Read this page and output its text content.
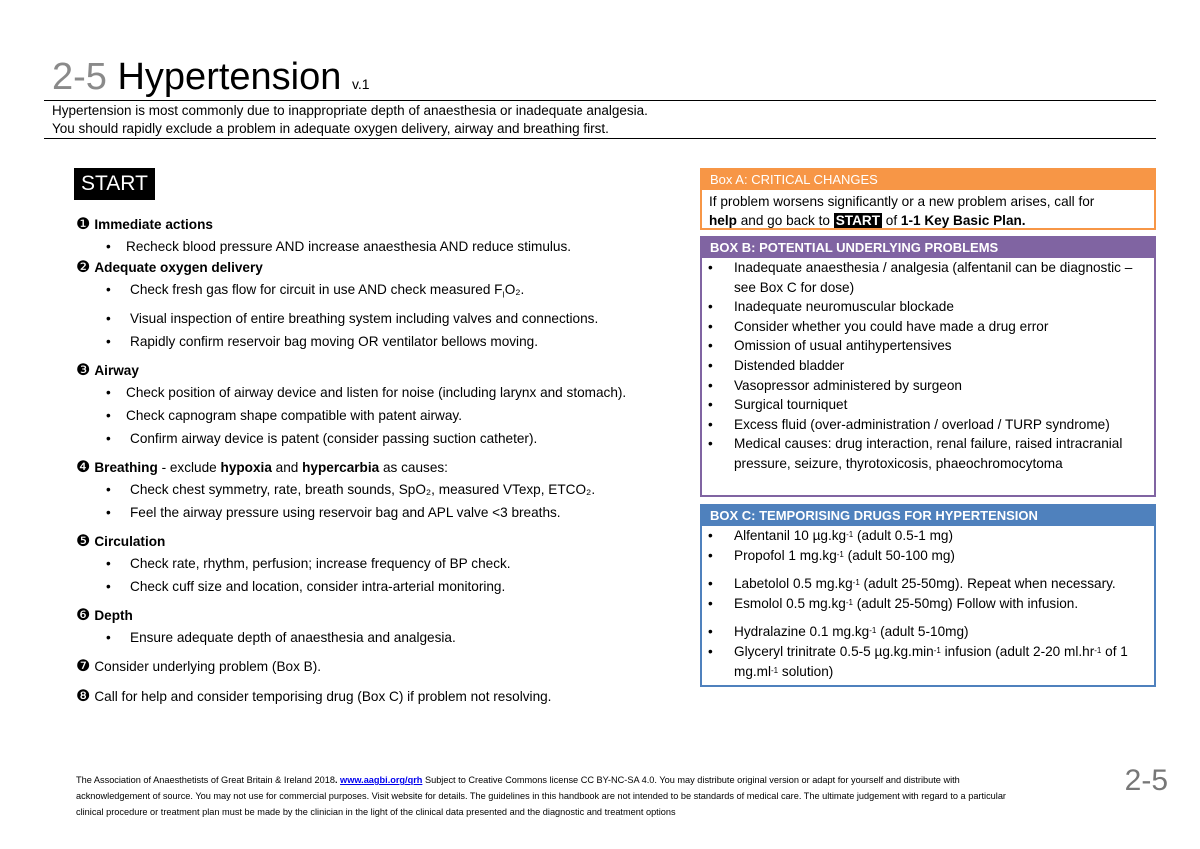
2-5 Hypertension v.1
Hypertension is most commonly due to inappropriate depth of anaesthesia or inadequate analgesia.
You should rapidly exclude a problem in adequate oxygen delivery, airway and breathing first.
START
❶ Immediate actions
• Recheck blood pressure AND increase anaesthesia AND reduce stimulus.
❷ Adequate oxygen delivery
• Check fresh gas flow for circuit in use AND check measured $F_IO_2$.
• Visual inspection of entire breathing system including valves and connections.
• Rapidly confirm reservoir bag moving OR ventilator bellows moving.
❸ Airway
• Check position of airway device and listen for noise (including larynx and stomach).
• Check capnogram shape compatible with patent airway.
• Confirm airway device is patent (consider passing suction catheter).
❹ Breathing - exclude hypoxia and hypercarbia as causes:
• Check chest symmetry, rate, breath sounds, SpO₂, measured VTexp, ETCO₂.
• Feel the airway pressure using reservoir bag and APL valve <3 breaths.
❺ Circulation
• Check rate, rhythm, perfusion; increase frequency of BP check.
• Check cuff size and location, consider intra-arterial monitoring.
❻ Depth
• Ensure adequate depth of anaesthesia and analgesia.
❼ Consider underlying problem (Box B).
❽ Call for help and consider temporising drug (Box C) if problem not resolving.
Box A: CRITICAL CHANGES
If problem worsens significantly or a new problem arises, call for
help and go back to START of 1-1 Key Basic Plan.
BOX B: POTENTIAL UNDERLYING PROBLEMS
• Inadequate anaesthesia / analgesia (alfentanil can be diagnostic – see Box C for dose)
• Inadequate neuromuscular blockade
• Consider whether you could have made a drug error
• Omission of usual antihypertensives
• Distended bladder
• Vasopressor administered by surgeon
• Surgical tourniquet
• Excess fluid (over-administration / overload / TURP syndrome)
• Medical causes: drug interaction, renal failure, raised intracranial pressure, seizure, thyrotoxicosis, phaeochromocytoma
BOX C: TEMPORISING DRUGS FOR HYPERTENSION
• Alfentanil 10 $\mu g.kg^{-1}$ (adult 0.5-1 mg)
• Propofol 1 $mg.kg^{-1}$ (adult 50-100 mg)
• Labetolol 0.5 $mg.kg^{-1}$ (adult 25-50mg). Repeat when necessary.
• Esmolol 0.5 $mg.kg^{-1}$ (adult 25-50mg) Follow with infusion.
• Hydralazine 0.1 $mg.kg^{-1}$ (adult 5-10mg)
• Glyceryl trinitrate 0.5-5 $\mu g.kg.\min^{-1}$ infusion (adult 2-20 $ml.hr^{-1}$ of 1 $mg.ml^{-1}$ solution)
The Association of Anaesthetists of Great Britain & Ireland 2018. www.aagbi.org/qrh Subject to Creative Commons license CC BY-NC-SA 4.0. You may distribute original version or adapt for yourself and distribute with acknowledgement of source. You may not use for commercial purposes. Visit website for details. The guidelines in this handbook are not intended to be standards of medical care. The ultimate judgement with regard to a particular clinical procedure or treatment plan must be made by the clinician in the light of the clinical data presented and the diagnostic and treatment options
2-5
